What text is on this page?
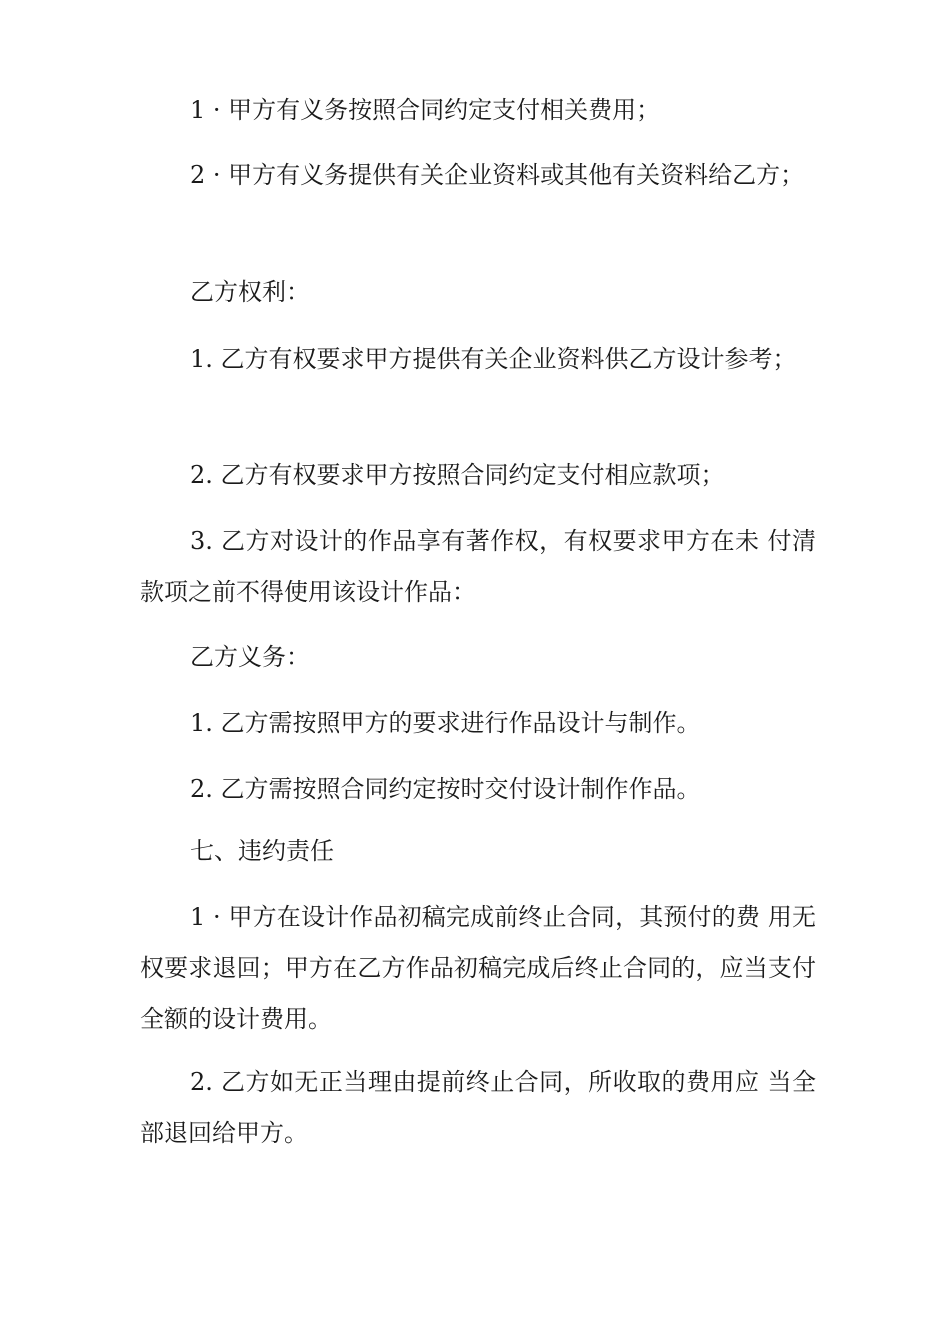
1 · 甲方有义务按照合同约定支付相关费用；

2 · 甲方有义务提供有关企业资料或其他有关资料给乙方；

乙方权利：

1. 乙方有权要求甲方提供有关企业资料供乙方设计参考；

2. 乙方有权要求甲方按照合同约定支付相应款项；

3. 乙方对设计的作品享有著作权，有权要求甲方在未 付清款项之前不得使用该设计作品：

乙方义务：

1. 乙方需按照甲方的要求进行作品设计与制作。

2. 乙方需按照合同约定按时交付设计制作作品。

七、违约责任

1 · 甲方在设计作品初稿完成前终止合同，其预付的费 用无权要求退回；甲方在乙方作品初稿完成后终止合同的，应当支付全额的设计费用。

2. 乙方如无正当理由提前终止合同，所收取的费用应 当全部退回给甲方。
